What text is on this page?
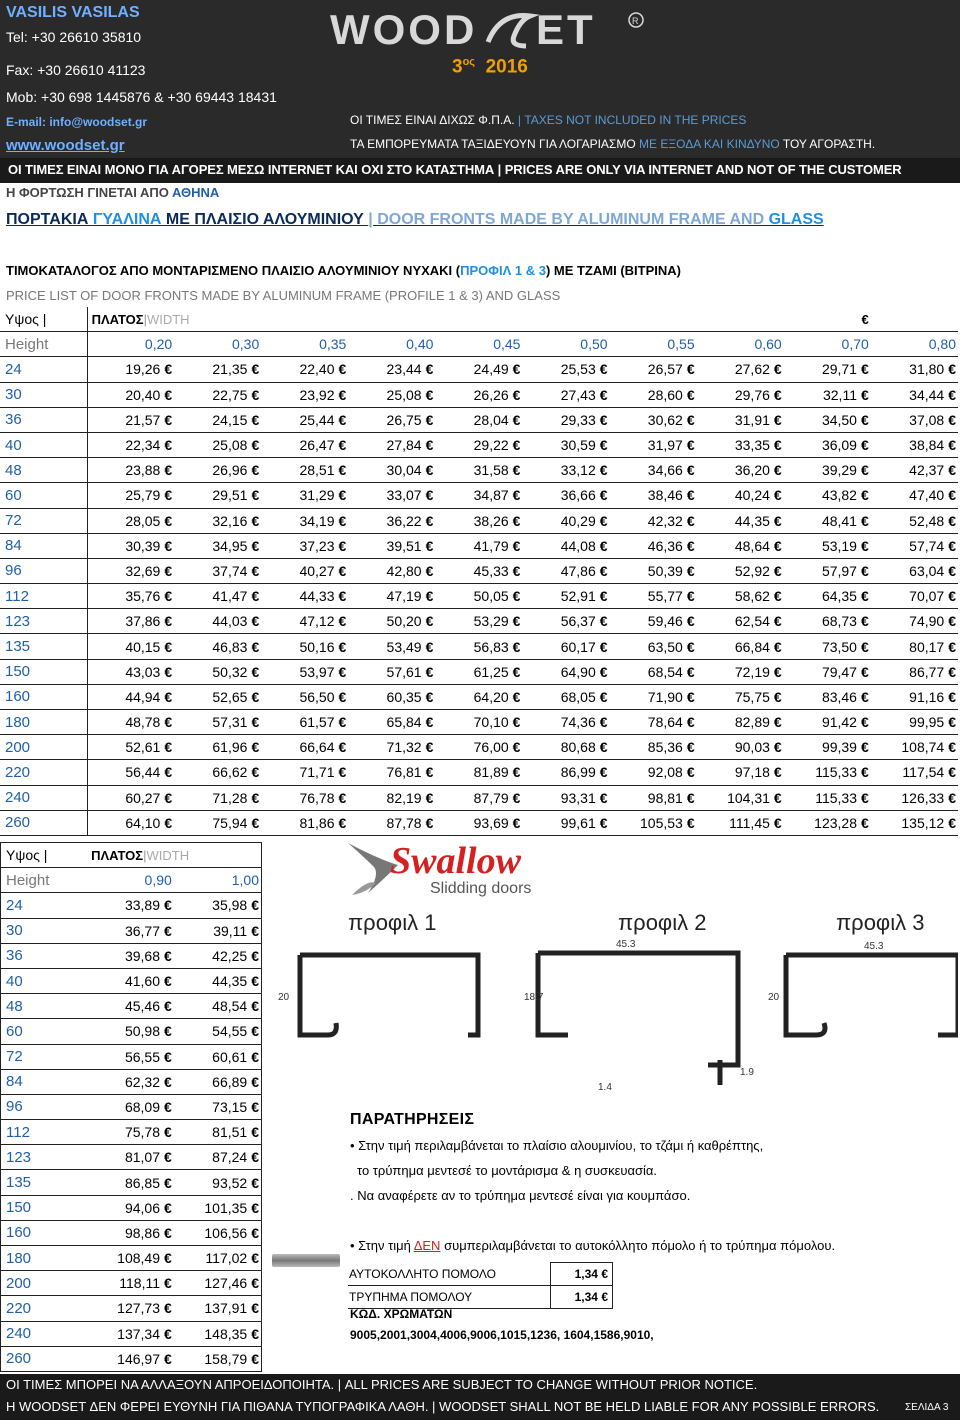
VASILIS VASILAS
Tel: +30 26610 35810
Fax: +30 26610 41123
Mob: +30 698 1445876 & +30 69443 18431
E-mail: info@woodset.gr
www.woodset.gr
WOOD ET	R
$3^{o\varsigma}$ 2016
ΟΙ ΤΙΜΕΣ ΕΙΝΑΙ ΔΙΧΩΣ Φ.Π.Α. | TAXES NOT INCLUDED IN THE PRICES
ΤΑ ΕΜΠΟΡΕΥΜΑΤΑ ΤΑΞΙΔΕΥΟΥΝ ΓΙΑ ΛΟΓΑΡΙΑΣΜΟ ΜΕ ΕΞΟΔΑ ΚΑΙ ΚΙΝΔΥΝΟ ΤΟΥ ΑΓΟΡΑΣΤΗ.
ΟΙ ΤΙΜΕΣ ΕΙΝΑΙ ΜΟΝΟ ΓΙΑ ΑΓΟΡΕΣ ΜΕΣΩ INTERNET ΚΑΙ ΟΧΙ ΣΤΟ ΚΑΤΑΣΤΗΜΑ | PRICES ARE ONLY VIA INTERNET AND NOT OF THE CUSTOMER
Η ΦΟΡΤΩΣΗ ΓΙΝΕΤΑΙ ΑΠΟ ΑΘΗΝΑ
ΠΟΡΤΑΚΙΑ ΓΥΑΛΙΝΑ ΜΕ ΠΛΑΙΣΙΟ ΑΛΟΥΜΙΝΙΟΥ | DOOR FRONTS MADE BY ALUMINUM FRAME AND GLASS
ΤΙΜΟΚΑΤΑΛΟΓΟΣ ΑΠΟ ΜΟΝΤΑΡΙΣΜΕΝΟ ΠΛΑΙΣΙΟ ΑΛΟΥΜΙΝΙΟΥ ΝΥΧΑΚΙ (ΠΡΟΦΙΛ 1 & 3) ΜΕ ΤΖΑΜΙ (ΒΙΤΡΙΝΑ)
PRICE LIST OF DOOR FRONTS MADE BY ALUMINUM FRAME (PROFILE 1 & 3) AND GLASS
Υψος |	ΠΛΑΤΟΣ|WIDTH €									

Height	0,20	0,30	0,35	0,40	0,45	0,50	0,55	0,60	0,70	0,80
24	19,26 €	21,35 €	22,40 €	23,44 €	24,49 €	25,53 €	26,57 €	27,62 €	29,71 €	31,80 €
30	20,40 €	22,75 €	23,92 €	25,08 €	26,26 €	27,43 €	28,60 €	29,76 €	32,11 €	34,44 €
36	21,57 €	24,15 €	25,44 €	26,75 €	28,04 €	29,33 €	30,62 €	31,91 €	34,50 €	37,08 €
40	22,34 €	25,08 €	26,47 €	27,84 €	29,22 €	30,59 €	31,97 €	33,35 €	36,09 €	38,84 €
48	23,88 €	26,96 €	28,51 €	30,04 €	31,58 €	33,12 €	34,66 €	36,20 €	39,29 €	42,37 €
60	25,79 €	29,51 €	31,29 €	33,07 €	34,87 €	36,66 €	38,46 €	40,24 €	43,82 €	47,40 €
72	28,05 €	32,16 €	34,19 €	36,22 €	38,26 €	40,29 €	42,32 €	44,35 €	48,41 €	52,48 €
84	30,39 €	34,95 €	37,23 €	39,51 €	41,79 €	44,08 €	46,36 €	48,64 €	53,19 €	57,74 €
96	32,69 €	37,74 €	40,27 €	42,80 €	45,33 €	47,86 €	50,39 €	52,92 €	57,97 €	63,04 €
112	35,76 €	41,47 €	44,33 €	47,19 €	50,05 €	52,91 €	55,77 €	58,62 €	64,35 €	70,07 €
123	37,86 €	44,03 €	47,12 €	50,20 €	53,29 €	56,37 €	59,46 €	62,54 €	68,73 €	74,90 €
135	40,15 €	46,83 €	50,16 €	53,49 €	56,83 €	60,17 €	63,50 €	66,84 €	73,50 €	80,17 €
150	43,03 €	50,32 €	53,97 €	57,61 €	61,25 €	64,90 €	68,54 €	72,19 €	79,47 €	86,77 €
160	44,94 €	52,65 €	56,50 €	60,35 €	64,20 €	68,05 €	71,90 €	75,75 €	83,46 €	91,16 €
180	48,78 €	57,31 €	61,57 €	65,84 €	70,10 €	74,36 €	78,64 €	82,89 €	91,42 €	99,95 €
200	52,61 €	61,96 €	66,64 €	71,32 €	76,00 €	80,68 €	85,36 €	90,03 €	99,39 €	108,74 €
220	56,44 €	66,62 €	71,71 €	76,81 €	81,89 €	86,99 €	92,08 €	97,18 €	115,33 €	117,54 €
240	60,27 €	71,28 €	76,78 €	82,19 €	87,79 €	93,31 €	98,81 €	104,31 €	115,33 €	126,33 €
260	64,10 €	75,94 €	81,86 €	87,78 €	93,69 €	99,61 €	105,53 €	111,45 €	123,28 €	135,12 €
Υψος |	ΠΛΑΤΟΣ|WIDTH	
Height	0,90	1,00
24	33,89 €	35,98 €
30	36,77 €	39,11 €
36	39,68 €	42,25 €
40	41,60 €	44,35 €
48	45,46 €	48,54 €
60	50,98 €	54,55 €
72	56,55 €	60,61 €
84	62,32 €	66,89 €
96	68,09 €	73,15 €
112	75,78 €	81,51 €
123	81,07 €	87,24 €
135	86,85 €	93,52 €
150	94,06 €	101,35 €
160	98,86 €	106,56 €
180	108,49 €	117,02 €
200	118,11 €	127,46 €
220	127,73 €	137,91 €
240	137,34 €	148,35 €
260	146,97 €	158,79 €
Swallow
Slidding doors
προφιλ 1	προφιλ 2	προφιλ 3
20
45.3
18.7
1.9
1.4
45.3
20
ΠΑΡΑΤΗΡΗΣΕΙΣ
• Στην τιμή περιλαμβάνεται το πλαίσιο αλουμινίου, το τζάμι ή καθρέπτης,
το τρύπημα μεντεσέ το μοντάρισμα & η συσκευασία.
. Να αναφέρετε αν το τρύπημα μεντεσέ είναι για κουμπάσο.
• Στην τιμή ΔΕΝ συμπεριλαμβάνεται το αυτοκόλλητο πόμολο ή το τρύπημα πόμολου.
ΑΥΤΟΚΟΛΛΗΤΟ ΠΟΜΟΛΟ	1,34 €
ΤΡΥΠΗΜΑ ΠΟΜΟΛΟΥ	1,34 €
ΚΩΔ. ΧΡΩΜΑΤΩΝ
9005,2001,3004,4006,9006,1015,1236, 1604,1586,9010,
ΟΙ ΤΙΜΕΣ ΜΠΟΡΕΙ ΝΑ ΑΛΛΑΞΟΥΝ ΑΠΡΟΕΙΔΟΠΟΙΗΤΑ. | ALL PRICES ARE SUBJECT TO CHANGE WITHOUT PRIOR NOTICE.
Η WOODSET ΔΕΝ ΦΕΡΕΙ ΕΥΘΥΝΗ ΓΙΑ ΠΙΘΑΝΑ ΤΥΠΟΓΡΑΦΙΚΑ ΛΑΘΗ. | WOODSET SHALL NOT BE HELD LIABLE FOR ANY POSSIBLE ERRORS.	ΣΕΛΙΔΑ 3
